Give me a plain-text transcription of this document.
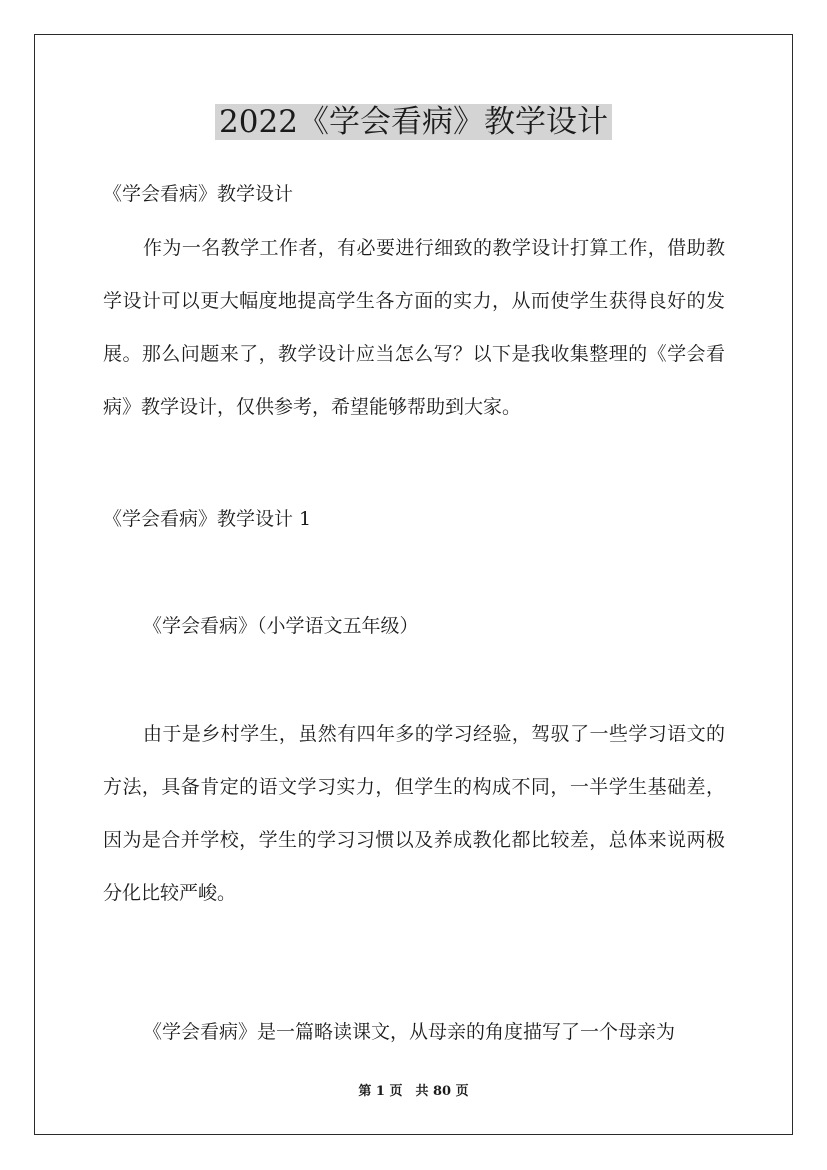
2022《学会看病》教学设计
《学会看病》教学设计

作为一名教学工作者，有必要进行细致的教学设计打算工作，借助教学设计可以更大幅度地提高学生各方面的实力，从而使学生获得良好的发展。那么问题来了，教学设计应当怎么写？以下是我收集整理的《学会看病》教学设计，仅供参考，希望能够帮助到大家。

《学会看病》教学设计 1
《学会看病》（小学语文五年级）

由于是乡村学生，虽然有四年多的学习经验，驾驭了一些学习语文的方法，具备肯定的语文学习实力，但学生的构成不同，一半学生基础差，因为是合并学校，学生的学习习惯以及养成教化都比较差，总体来说两极分化比较严峻。

《学会看病》是一篇略读课文，从母亲的角度描写了一个母亲为

第 1 页　共 80 页
